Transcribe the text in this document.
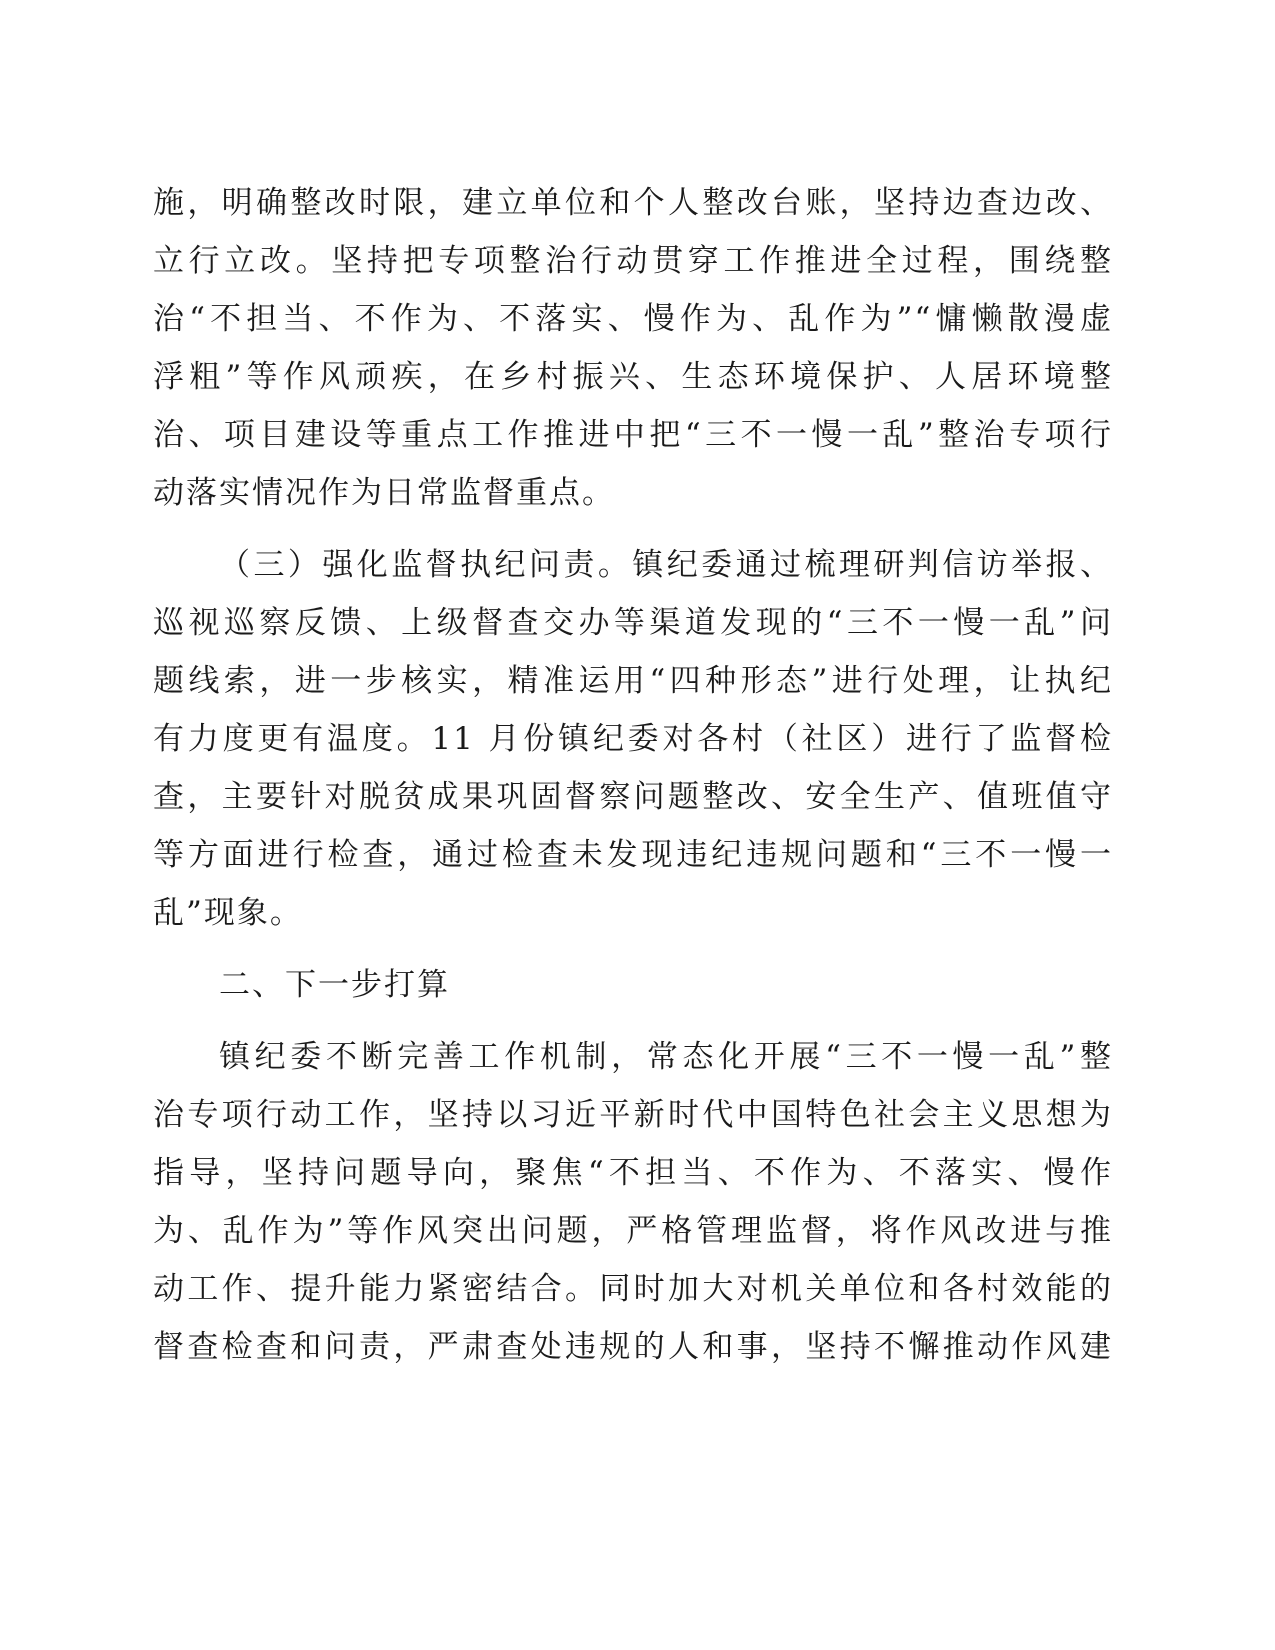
施，明确整改时限，建立单位和个人整改台账，坚持边查边改、
立行立改。坚持把专项整治行动贯穿工作推进全过程，围绕整
治“不担当、不作为、不落实、慢作为、乱作为”“慵懒散漫虚
浮粗”等作风顽疾，在乡村振兴、生态环境保护、人居环境整
治、项目建设等重点工作推进中把“三不一慢一乱”整治专项行
动落实情况作为日常监督重点。
（三）强化监督执纪问责。镇纪委通过梳理研判信访举报、
巡视巡察反馈、上级督查交办等渠道发现的“三不一慢一乱”问
题线索，进一步核实，精准运用“四种形态”进行处理，让执纪
有力度更有温度。11 月份镇纪委对各村（社区）进行了监督检
查，主要针对脱贫成果巩固督察问题整改、安全生产、值班值守
等方面进行检查，通过检查未发现违纪违规问题和“三不一慢一
乱”现象。
二、下一步打算
镇纪委不断完善工作机制，常态化开展“三不一慢一乱”整
治专项行动工作，坚持以习近平新时代中国特色社会主义思想为
指导，坚持问题导向，聚焦“不担当、不作为、不落实、慢作
为、乱作为”等作风突出问题，严格管理监督，将作风改进与推
动工作、提升能力紧密结合。同时加大对机关单位和各村效能的
督查检查和问责，严肃查处违规的人和事，坚持不懈推动作风建
